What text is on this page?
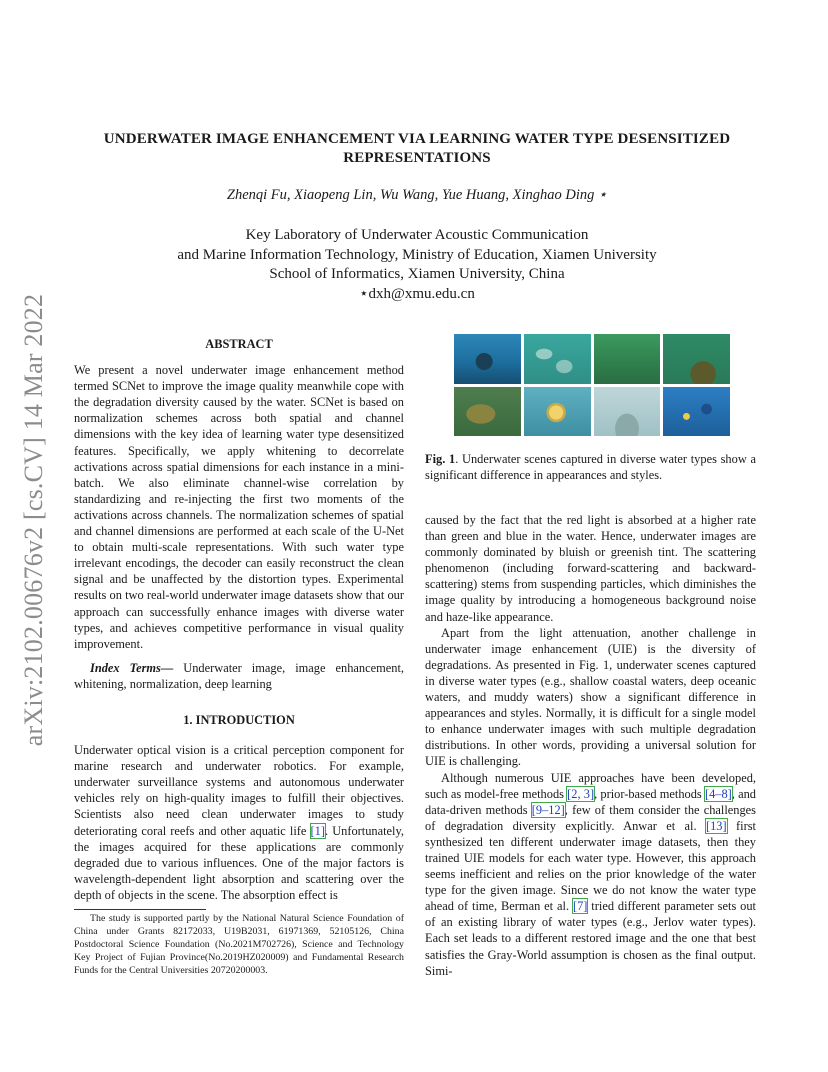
arXiv:2102.00676v2 [cs.CV] 14 Mar 2022
UNDERWATER IMAGE ENHANCEMENT VIA LEARNING WATER TYPE DESENSITIZED
REPRESENTATIONS
Zhenqi Fu, Xiaopeng Lin, Wu Wang, Yue Huang, Xinghao Ding ⋆
Key Laboratory of Underwater Acoustic Communication
and Marine Information Technology, Ministry of Education, Xiamen University
School of Informatics, Xiamen University, China
⋆dxh@xmu.edu.cn
ABSTRACT

We present a novel underwater image enhancement method termed SCNet to improve the image quality meanwhile cope with the degradation diversity caused by the water. SCNet is based on normalization schemes across both spatial and channel dimensions with the key idea of learning water type desensitized features. Specifically, we apply whitening to decorrelate activations across spatial dimensions for each instance in a mini-batch. We also eliminate channel-wise correlation by standardizing and re-injecting the first two moments of the activations across channels. The normalization schemes of spatial and channel dimensions are performed at each scale of the U-Net to obtain multi-scale representations. With such water type irrelevant encodings, the decoder can easily reconstruct the clean signal and be unaffected by the distortion types. Experimental results on two real-world underwater image datasets show that our approach can successfully enhance images with diverse water types, and achieves competitive performance in visual quality improvement.

Index Terms— Underwater image, image enhancement, whitening, normalization, deep learning

1. INTRODUCTION

Underwater optical vision is a critical perception component for marine research and underwater robotics. For example, underwater surveillance systems and autonomous underwater vehicles rely on high-quality images to fulfill their objectives. Scientists also need clean underwater images to study deteriorating coral reefs and other aquatic life [1]. Unfortunately, the images acquired for these applications are commonly degraded due to various influences. One of the major factors is wavelength-dependent light absorption and scattering over the depth of objects in the scene. The absorption effect is

The study is supported partly by the National Natural Science Foundation of China under Grants 82172033, U19B2031, 61971369, 52105126, China Postdoctoral Science Foundation (No.2021M702726), Science and Technology Key Project of Fujian Province(No.2019HZ020009) and Fundamental Research Funds for the Central Universities 20720200003.

Fig. 1. Underwater scenes captured in diverse water types show a significant difference in appearances and styles.

caused by the fact that the red light is absorbed at a higher rate than green and blue in the water. Hence, underwater images are commonly dominated by bluish or greenish tint. The scattering phenomenon (including forward-scattering and backward-scattering) stems from suspending particles, which diminishes the image quality by introducing a homogeneous background noise and haze-like appearance.

Apart from the light attenuation, another challenge in underwater image enhancement (UIE) is the diversity of degradations. As presented in Fig. 1, underwater scenes captured in diverse water types (e.g., shallow coastal waters, deep oceanic waters, and muddy waters) show a significant difference in appearances and styles. Normally, it is difficult for a single model to enhance underwater images with such multiple degradation distributions. In other words, providing a universal solution for UIE is challenging.

Although numerous UIE approaches have been developed, such as model-free methods [2, 3], prior-based methods [4–8], and data-driven methods [9–12], few of them consider the challenges of degradation diversity explicitly. Anwar et al. [13] first synthesized ten different underwater image datasets, then they trained UIE models for each water type. However, this approach seems inefficient and relies on the prior knowledge of the water type for the given image. Since we do not know the water type ahead of time, Berman et al. [7] tried different parameter sets out of an existing library of water types (e.g., Jerlov water types). Each set leads to a different restored image and the one that best satisfies the Gray-World assumption is chosen as the final output. Simi-
